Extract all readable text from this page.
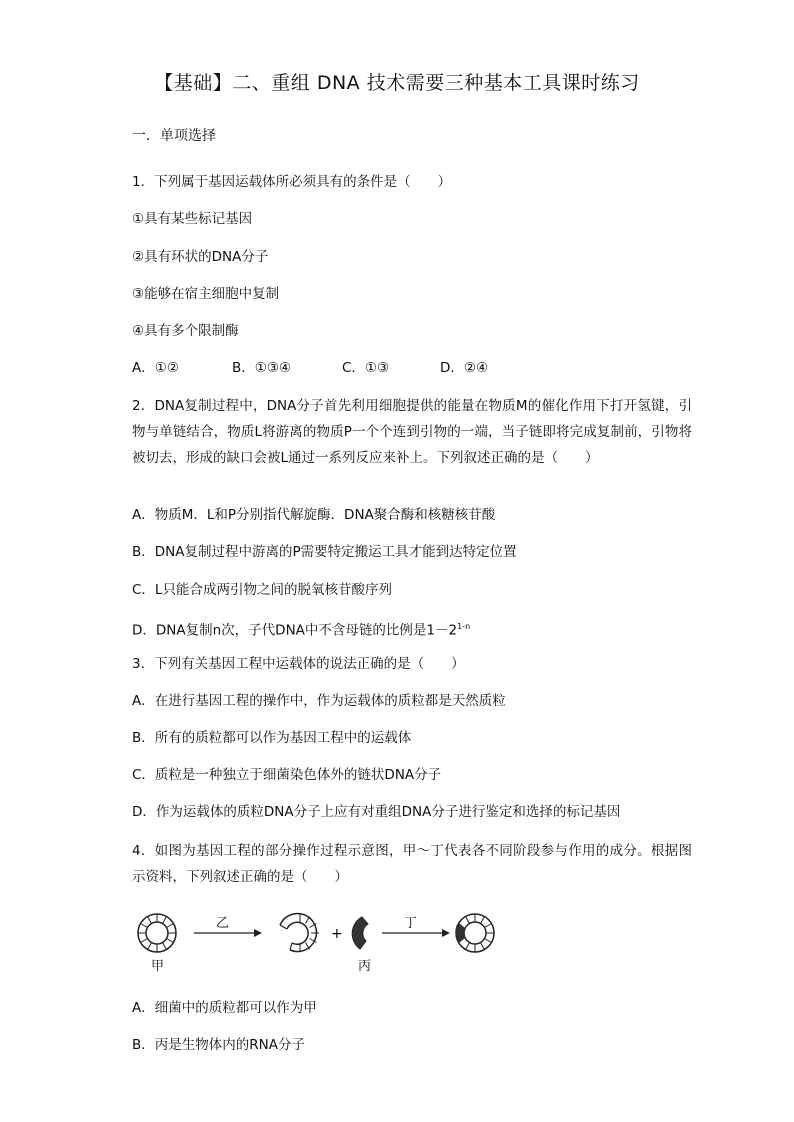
【基础】二、重组 DNA 技术需要三种基本工具课时练习
一．单项选择
1．下列属于基因运载体所必须具有的条件是（　　）
①具有某些标记基因
②具有环状的DNA分子
③能够在宿主细胞中复制
④具有多个限制酶
A．①②	B．①③④	C．①③	D．②④
2．DNA复制过程中，DNA分子首先利用细胞提供的能量在物质M的催化作用下打开氢键，引物与单链结合，物质L将游离的物质P一个个连到引物的一端，当子链即将完成复制前，引物将被切去，形成的缺口会被L通过一系列反应来补上。下列叙述正确的是（　　）
A．物质M．L和P分别指代解旋酶．DNA聚合酶和核糖核苷酸
B．DNA复制过程中游离的P需要特定搬运工具才能到达特定位置
C．L只能合成两引物之间的脱氧核苷酸序列
D．DNA复制n次，子代DNA中不含母链的比例是$1-2^{1-n}$
3．下列有关基因工程中运载体的说法正确的是（　　）
A．在进行基因工程的操作中，作为运载体的质粒都是天然质粒
B．所有的质粒都可以作为基因工程中的运载体
C．质粒是一种独立于细菌染色体外的链状DNA分子
D．作为运载体的质粒DNA分子上应有对重组DNA分子进行鉴定和选择的标记基因
4．如图为基因工程的部分操作过程示意图，甲～丁代表各不同阶段参与作用的成分。根据图示资料，下列叙述正确的是（　　）
+
甲
乙
丙
丁
A．细菌中的质粒都可以作为甲
B．丙是生物体内的RNA分子
